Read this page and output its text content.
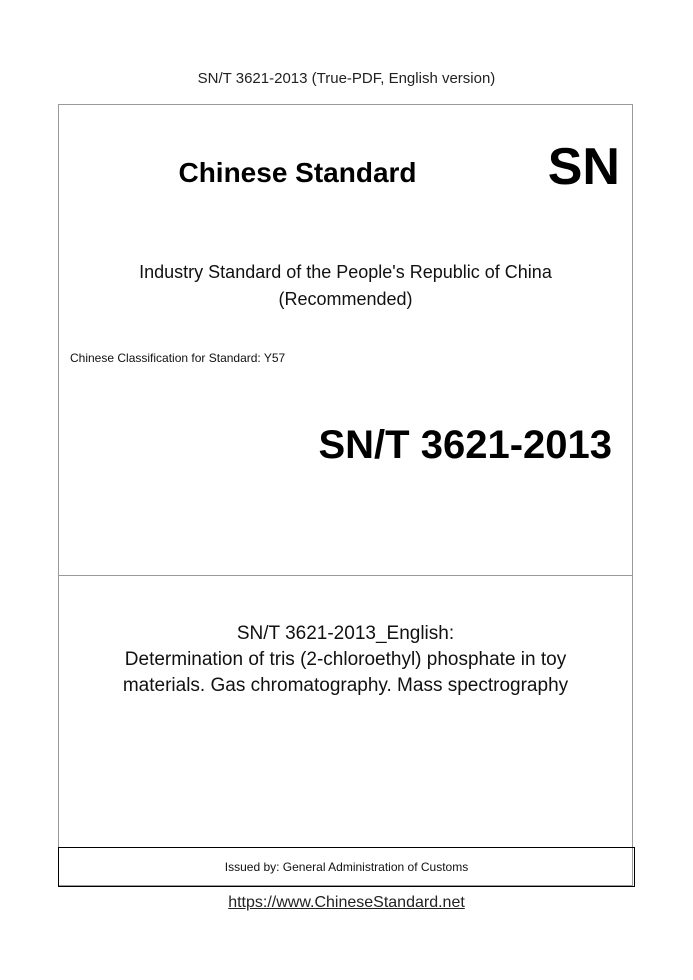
SN/T 3621-2013 (True-PDF, English version)
Chinese Standard	SN
Industry Standard of the People's Republic of China
(Recommended)
Chinese Classification for Standard: Y57
SN/T 3621-2013
SN/T 3621-2013_English:
Determination of tris (2-chloroethyl) phosphate in toy
materials. Gas chromatography. Mass spectrography
Issued by: General Administration of Customs
https://www.ChineseStandard.net
